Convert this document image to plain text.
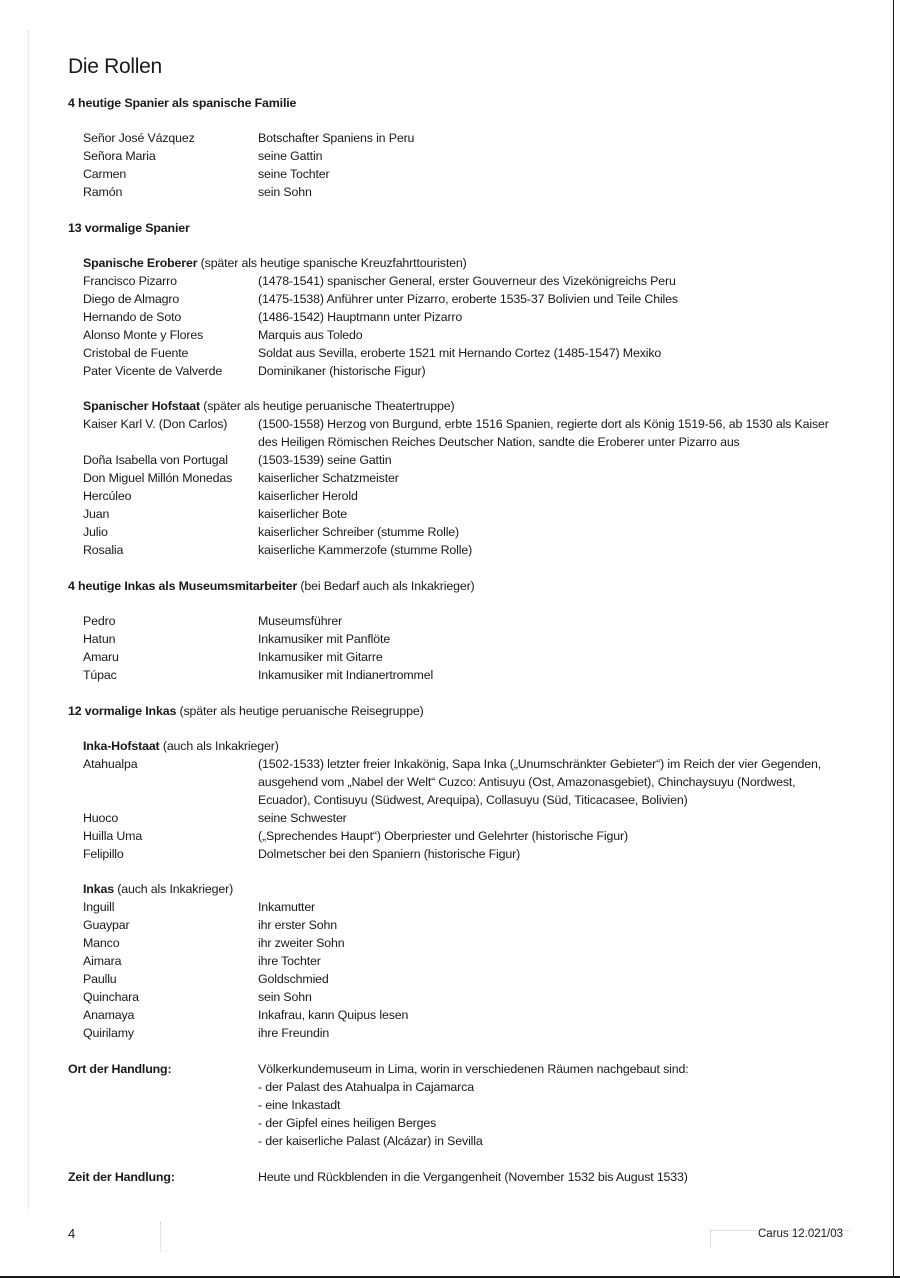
Die Rollen
4 heutige Spanier als spanische Familie
Señor José Vázquez	Botschafter Spaniens in Peru
Señora Maria	seine Gattin
Carmen	seine Tochter
Ramón	sein Sohn
13 vormalige Spanier
Spanische Eroberer (später als heutige spanische Kreuzfahrttouristen)
Francisco Pizarro	(1478-1541) spanischer General, erster Gouverneur des Vizekönigreichs Peru
Diego de Almagro	(1475-1538) Anführer unter Pizarro, eroberte 1535-37 Bolivien und Teile Chiles
Hernando de Soto	(1486-1542) Hauptmann unter Pizarro
Alonso Monte y Flores	Marquis aus Toledo
Cristobal de Fuente	Soldat aus Sevilla, eroberte 1521 mit Hernando Cortez (1485-1547) Mexiko
Pater Vicente de Valverde	Dominikaner (historische Figur)
Spanischer Hofstaat (später als heutige peruanische Theatertruppe)
Kaiser Karl V. (Don Carlos)	(1500-1558) Herzog von Burgund, erbte 1516 Spanien, regierte dort als König 1519-56, ab 1530 als Kaiser des Heiligen Römischen Reiches Deutscher Nation, sandte die Eroberer unter Pizarro aus
Doña Isabella von Portugal	(1503-1539) seine Gattin
Don Miguel Millón Monedas	kaiserlicher Schatzmeister
Hercúleo	kaiserlicher Herold
Juan	kaiserlicher Bote
Julio	kaiserlicher Schreiber (stumme Rolle)
Rosalia	kaiserliche Kammerzofe (stumme Rolle)
4 heutige Inkas als Museumsmitarbeiter (bei Bedarf auch als Inkakrieger)
Pedro	Museumsführer
Hatun	Inkamusiker mit Panflöte
Amaru	Inkamusiker mit Gitarre
Túpac	Inkamusiker mit Indianertrommel
12 vormalige Inkas (später als heutige peruanische Reisegruppe)
Inka-Hofstaat (auch als Inkakrieger)
Atahualpa	(1502-1533) letzter freier Inkakönig, Sapa Inka („Unumschränkter Gebieter“) im Reich der vier Gegenden, ausgehend vom „Nabel der Welt“ Cuzco: Antisuyu (Ost, Amazonasgebiet), Chinchaysuyu (Nordwest, Ecuador), Contisuyu (Südwest, Arequipa), Collasuyu (Süd, Titicacasee, Bolivien)
Huoco	seine Schwester
Huilla Uma	(„Sprechendes Haupt“) Oberpriester und Gelehrter (historische Figur)
Felipillo	Dolmetscher bei den Spaniern (historische Figur)
Inkas (auch als Inkakrieger)
Inguill	Inkamutter
Guaypar	ihr erster Sohn
Manco	ihr zweiter Sohn
Aimara	ihre Tochter
Paullu	Goldschmied
Quinchara	sein Sohn
Anamaya	Inkafrau, kann Quipus lesen
Quirilamy	ihre Freundin
Ort der Handlung:	Völkerkundemuseum in Lima, worin in verschiedenen Räumen nachgebaut sind:
- der Palast des Atahualpa in Cajamarca
- eine Inkastadt
- der Gipfel eines heiligen Berges
- der kaiserliche Palast (Alcázar) in Sevilla
Zeit der Handlung:	Heute und Rückblenden in die Vergangenheit (November 1532 bis August 1533)
4	Carus 12.021/03
